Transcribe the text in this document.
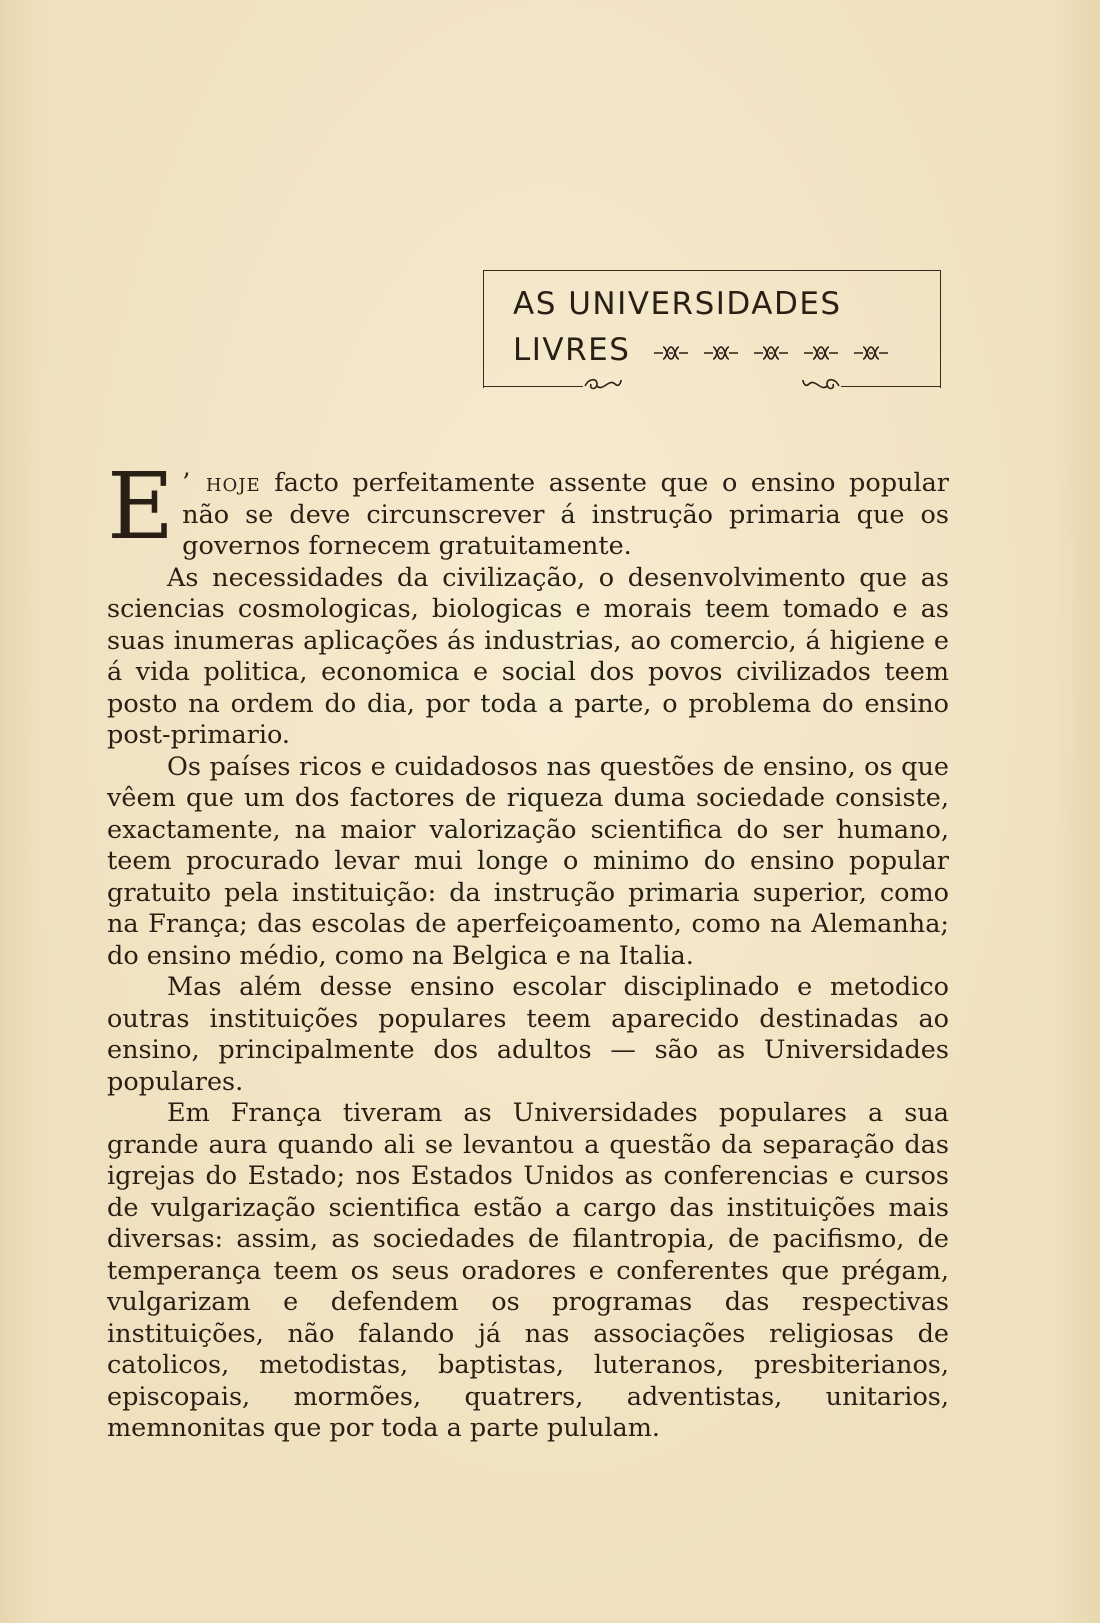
AS UNIVERSIDADES
LIVRES

E ’ hoje facto perfeitamente assente que o ensino popular não se deve circunscrever á instrução primaria que os governos fornecem gratuitamente.

As necessidades da civilização, o desenvolvimento que as sciencias cosmologicas, biologicas e morais teem tomado e as suas inumeras aplicações ás industrias, ao comercio, á higiene e á vida politica, economica e social dos povos civilizados teem posto na ordem do dia, por toda a parte, o problema do ensino post-primario.

Os países ricos e cuidadosos nas questões de ensino, os que vêem que um dos factores de riqueza duma sociedade consiste, exactamente, na maior valorização scientifica do ser humano, teem procurado levar mui longe o minimo do ensino popular gratuito pela instituição: da instrução primaria superior, como na França; das escolas de aperfeiçoamento, como na Alemanha; do ensino médio, como na Belgica e na Italia.

Mas além desse ensino escolar disciplinado e metodico outras instituições populares teem aparecido destinadas ao ensino, principalmente dos adultos — são as Universidades populares.

Em França tiveram as Universidades populares a sua grande aura quando ali se levantou a questão da separação das igrejas do Estado; nos Estados Unidos as conferencias e cursos de vulgarização scientifica estão a cargo das instituições mais diversas: assim, as sociedades de filantropia, de pacifismo, de temperança teem os seus oradores e conferentes que prégam, vulgarizam e defendem os programas das respectivas instituições, não falando já nas associações religiosas de catolicos, metodistas, baptistas, luteranos, presbiterianos, episcopais, mormões, quatrers, adventistas, unitarios, memnonitas que por toda a parte pululam.
